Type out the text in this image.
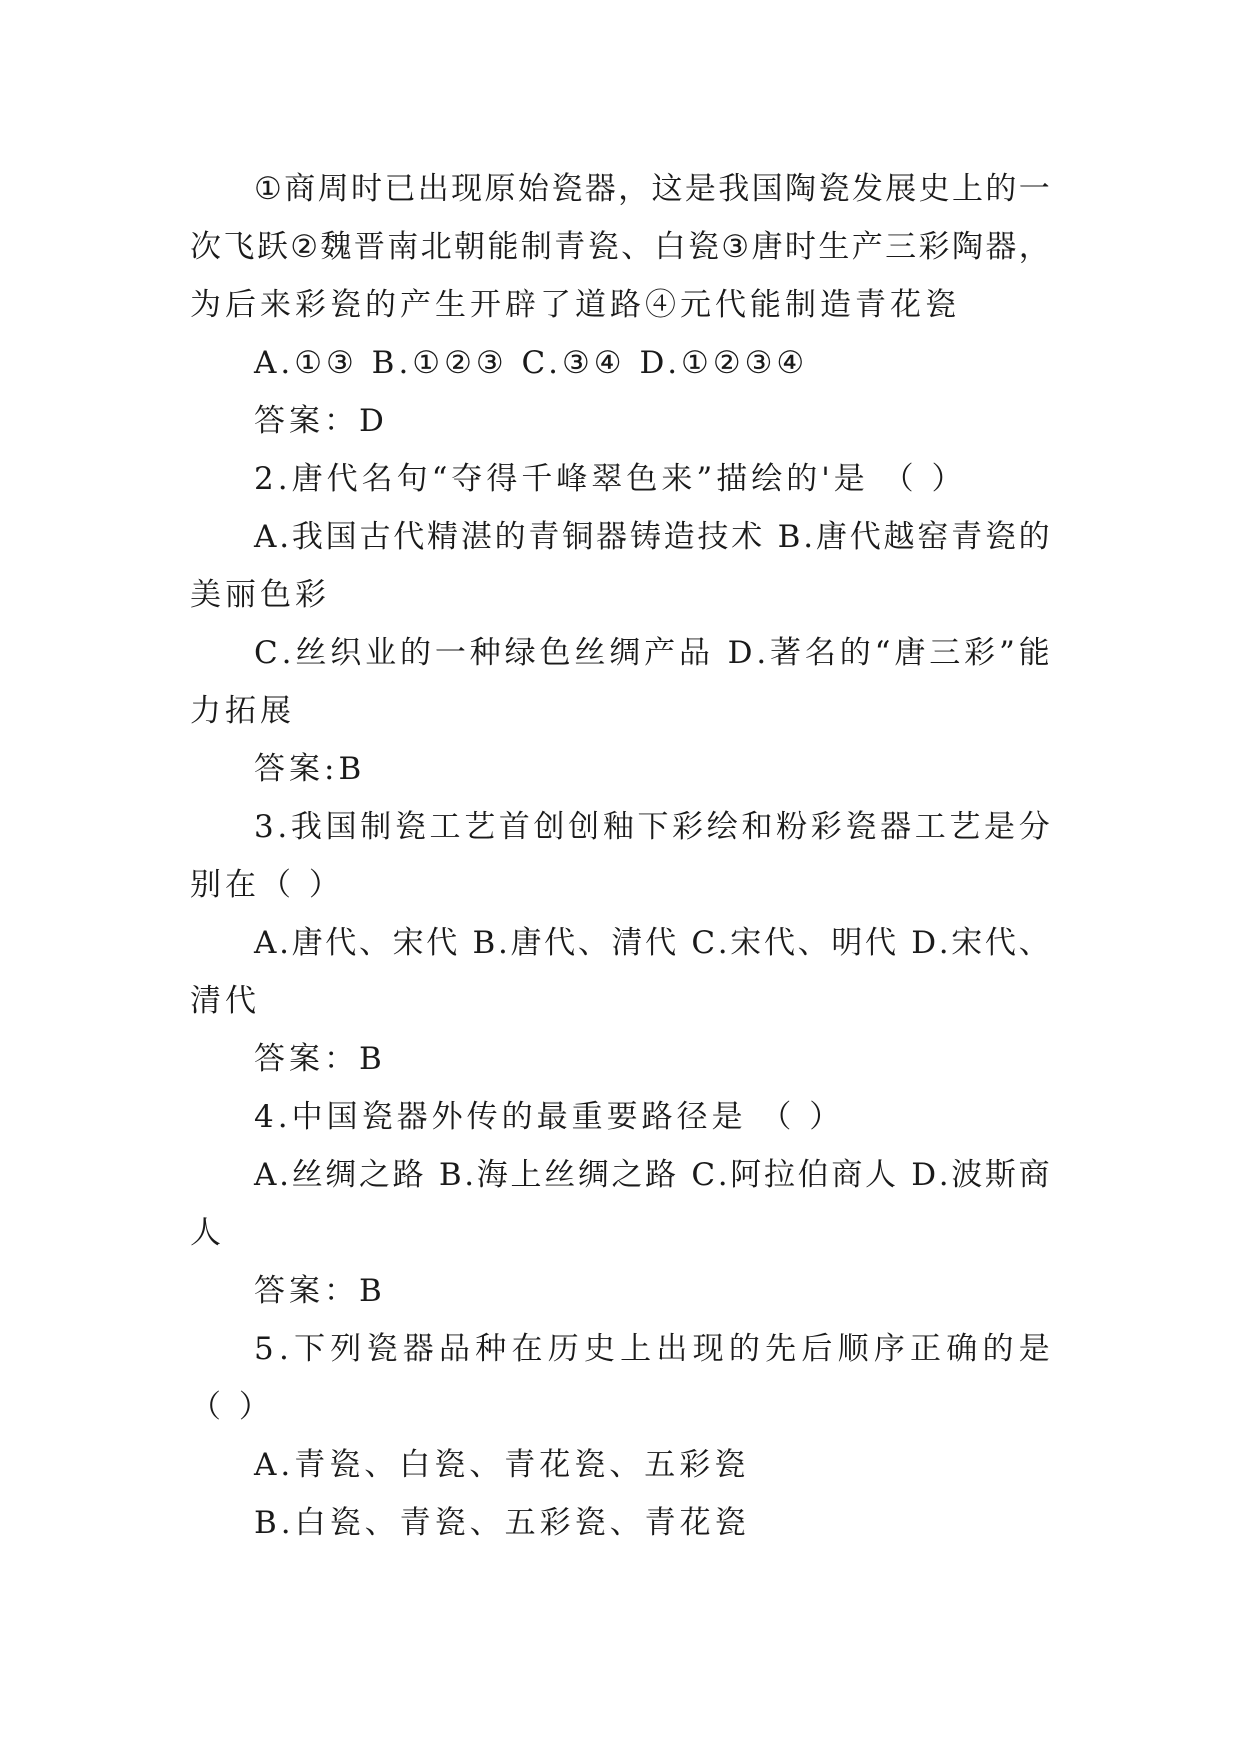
① 商 周 时 已 出 现 原 始 瓷 器 ， 这 是 我 国 陶 瓷 发 展 史 上 的 一
次 飞 跃 ② 魏 晋 南 北 朝 能 制 青 瓷 、 白 瓷 ③ 唐 时 生 产 三 彩 陶 器 ，
为后来彩瓷的产生开辟了道路④元代能制造青花瓷
A.①③ B.①②③ C.③④ D.①②③④
答案：D
2.唐代名句“夺得千峰翠色来”描绘的'是 （ ）
A . 我 国 古 代 精 湛 的 青 铜 器 铸 造 技 术
B . 唐 代 越 窑 青 瓷 的
美丽色彩
C . 丝 织 业 的 一 种 绿 色 丝 绸 产 品
D . 著 名 的 “ 唐 三 彩 ” 能
力拓展
答案:B
3 . 我 国 制 瓷 工 艺 首 创 创 釉 下 彩 绘 和 粉 彩 瓷 器 工 艺 是 分
别在（ ）
A . 唐 代 、 宋 代
B . 唐 代 、 清 代
C . 宋 代 、 明 代
D . 宋 代 、
清代
答案：B
4.中国瓷器外传的最重要路径是 （ ）
A . 丝 绸 之 路
B . 海 上 丝 绸 之 路
C . 阿 拉 伯 商 人
D . 波 斯 商
人
答案：B
5 . 下 列 瓷 器 品 种 在 历 史 上 出 现 的 先 后 顺 序 正 确 的 是
（ ）
A.青瓷、白瓷、青花瓷、五彩瓷
B.白瓷、青瓷、五彩瓷、青花瓷
